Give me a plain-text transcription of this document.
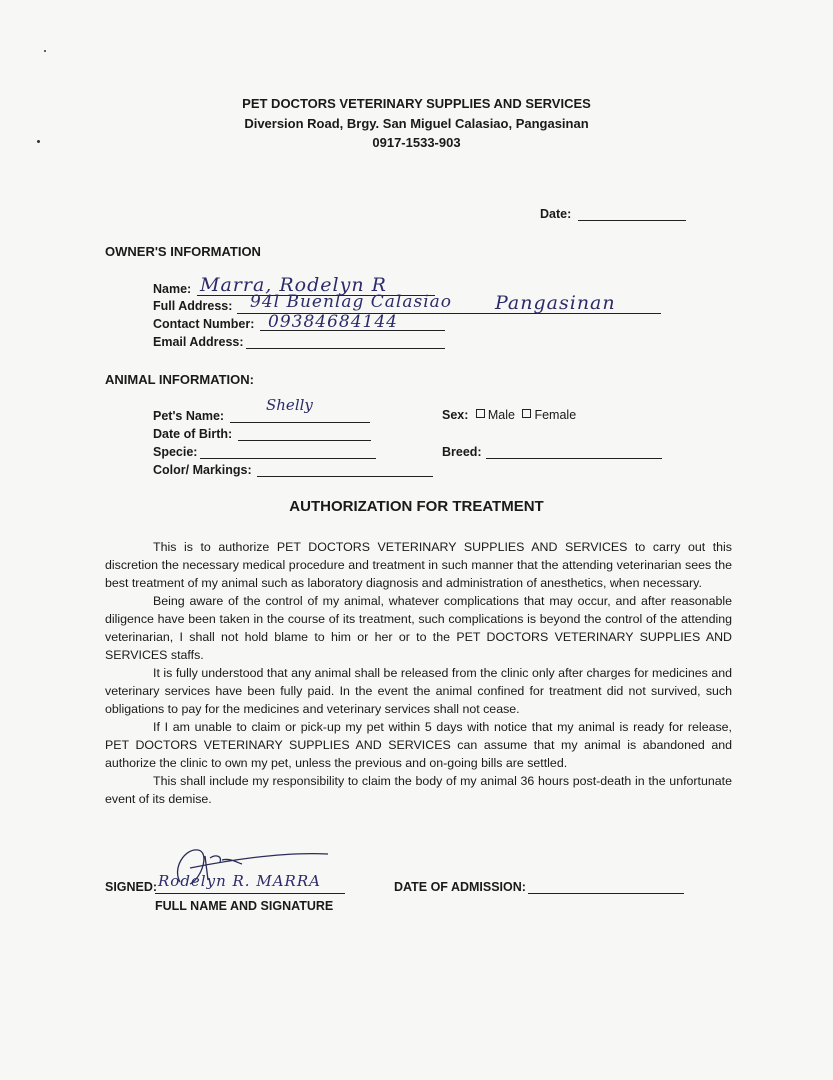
PET DOCTORS VETERINARY SUPPLIES AND SERVICES
Diversion Road, Brgy. San Miguel Calasiao, Pangasinan
0917-1533-903
Date:
OWNER'S INFORMATION
Name: Marra, Rodelyn R
Full Address: 94l Buenlag Calasiao Pangasinan
Contact Number: 09384684144
Email Address:
ANIMAL INFORMATION:
Pet's Name:
Shelly
Date of Birth:
Specie:
Color/ Markings:
Sex: Male Female
Breed:
AUTHORIZATION FOR TREATMENT

This is to authorize PET DOCTORS VETERINARY SUPPLIES AND SERVICES to carry out this discretion the necessary medical procedure and treatment in such manner that the attending veterinarian sees the best treatment of my animal such as laboratory diagnosis and administration of anesthetics, when necessary.

Being aware of the control of my animal, whatever complications that may occur, and after reasonable diligence have been taken in the course of its treatment, such complications is beyond the control of the attending veterinarian, I shall not hold blame to him or her or to the PET DOCTORS VETERINARY SUPPLIES AND SERVICES staffs.

It is fully understood that any animal shall be released from the clinic only after charges for medicines and veterinary services have been fully paid. In the event the animal confined for treatment did not survived, such obligations to pay for the medicines and veterinary services shall not cease.

If I am unable to claim or pick-up my pet within 5 days with notice that my animal is ready for release, PET DOCTORS VETERINARY SUPPLIES AND SERVICES can assume that my animal is abandoned and authorize the clinic to own my pet, unless the previous and on-going bills are settled.

This shall include my responsibility to claim the body of my animal 36 hours post-death in the unfortunate event of its demise.

SIGNED: Rodelyn R. MARRA
FULL NAME AND SIGNATURE
DATE OF ADMISSION:
